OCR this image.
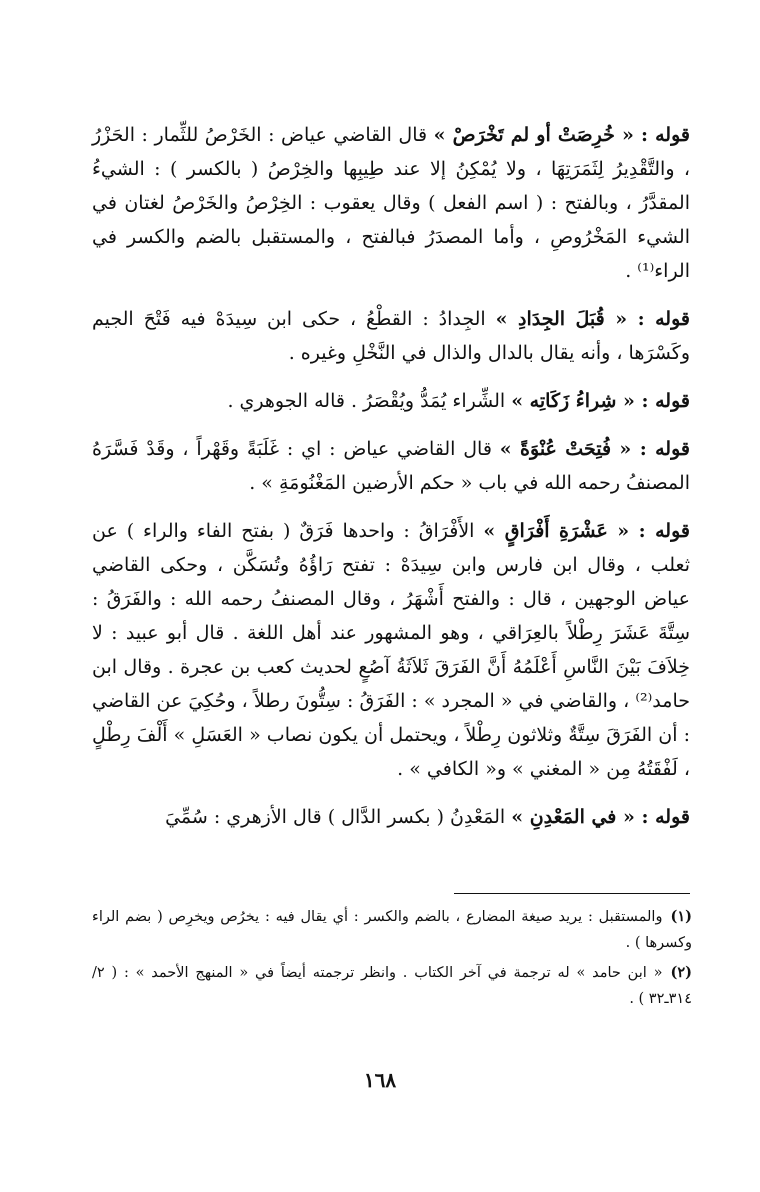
قوله : « خُرِصَتْ أو لم تَخْرَصْ » قال القاضي عياض : الخَرْصُ للثِّمار : الحَزْرُ ، والتَّقْدِيرُ لِثَمَرَتِهَا ، ولا يُمْكِنُ إلا عند طِيبِها والخِرْصُ ( بالكسر ) : الشيءُ المقدَّرُ ، وبالفتح : ( اسم الفعل ) وقال يعقوب : الخِرْصُ والخَرْصُ لغتان في الشيء المَخْرُوصِ ، وأما المصدَرُ فبالفتح ، والمستقبل بالضم والكسر في الراء⁽¹⁾ .

قوله : « قُبَلَ الجِدَادِ » الجِدادُ : القطْعُ ، حكى ابن سِيدَهْ فيه فَتْحَ الجيم وكَسْرَها ، وأنه يقال بالدال والذال في النَّخْلِ وغيره .

قوله : « شِراءُ زَكَاتِه » الشِّراء يُمَدُّ ويُقْصَرُ . قاله الجوهري .

قوله : « فُتِحَتْ عُنْوَةً » قال القاضي عياض : اي : غَلَبَةً وقَهْراً ، وقَدْ فَسَّرَهُ المصنفُ رحمه الله في باب « حكم الأرضين المَغْنُومَةِ » .

قوله : « عَشْرَةِ أَفْرَاقٍ » الأَفْرَاقُ : واحدها فَرَقٌ ( بفتح الفاء والراء ) عن ثعلب ، وقال ابن فارس وابن سِيدَهْ : تفتح رَاؤُهُ وتُسَكَّن ، وحكى القاضي عياض الوجهين ، قال : والفتح أَشْهَرُ ، وقال المصنفُ رحمه الله : والفَرَقُ : سِتَّةَ عَشَرَ رِطْلاً بالعِرَاقي ، وهو المشهور عند أهل اللغة . قال أبو عبيد : لا خِلاَفَ بَيْنَ النَّاسِ أَعْلَمُهُ أَنَّ الفَرَقَ ثَلاَثَةُ آصُعٍ لحديث كعب بن عجرة . وقال ابن حامد⁽²⁾ ، والقاضي في « المجرد » : الفَرَقُ : سِتُّونَ رطلاً ، وحُكِيَ عن القاضي : أن الفَرَقَ سِتَّةٌ وثلاثون رِطْلاً ، ويحتمل أن يكون نصاب « العَسَلِ » أَلْفَ رِطْلٍ ، لَفْقَتُهُ مِن « المغني » و« الكافي » .

قوله : « في المَعْدِنِ » المَعْدِنُ ( بكسر الدَّال ) قال الأزهري : سُمِّيَ

(١)والمستقبل : يريد صيغة المضارع ، بالضم والكسر : أي يقال فيه : يخرُص ويخرِص ( بضم الراء وكسرها ) .

(٢)« ابن حامد » له ترجمة في آخر الكتاب . وانظر ترجمته أيضاً في « المنهج الأحمد » : ( ٢/ ٣١٤ـ٣٢ ) .

١٦٨
